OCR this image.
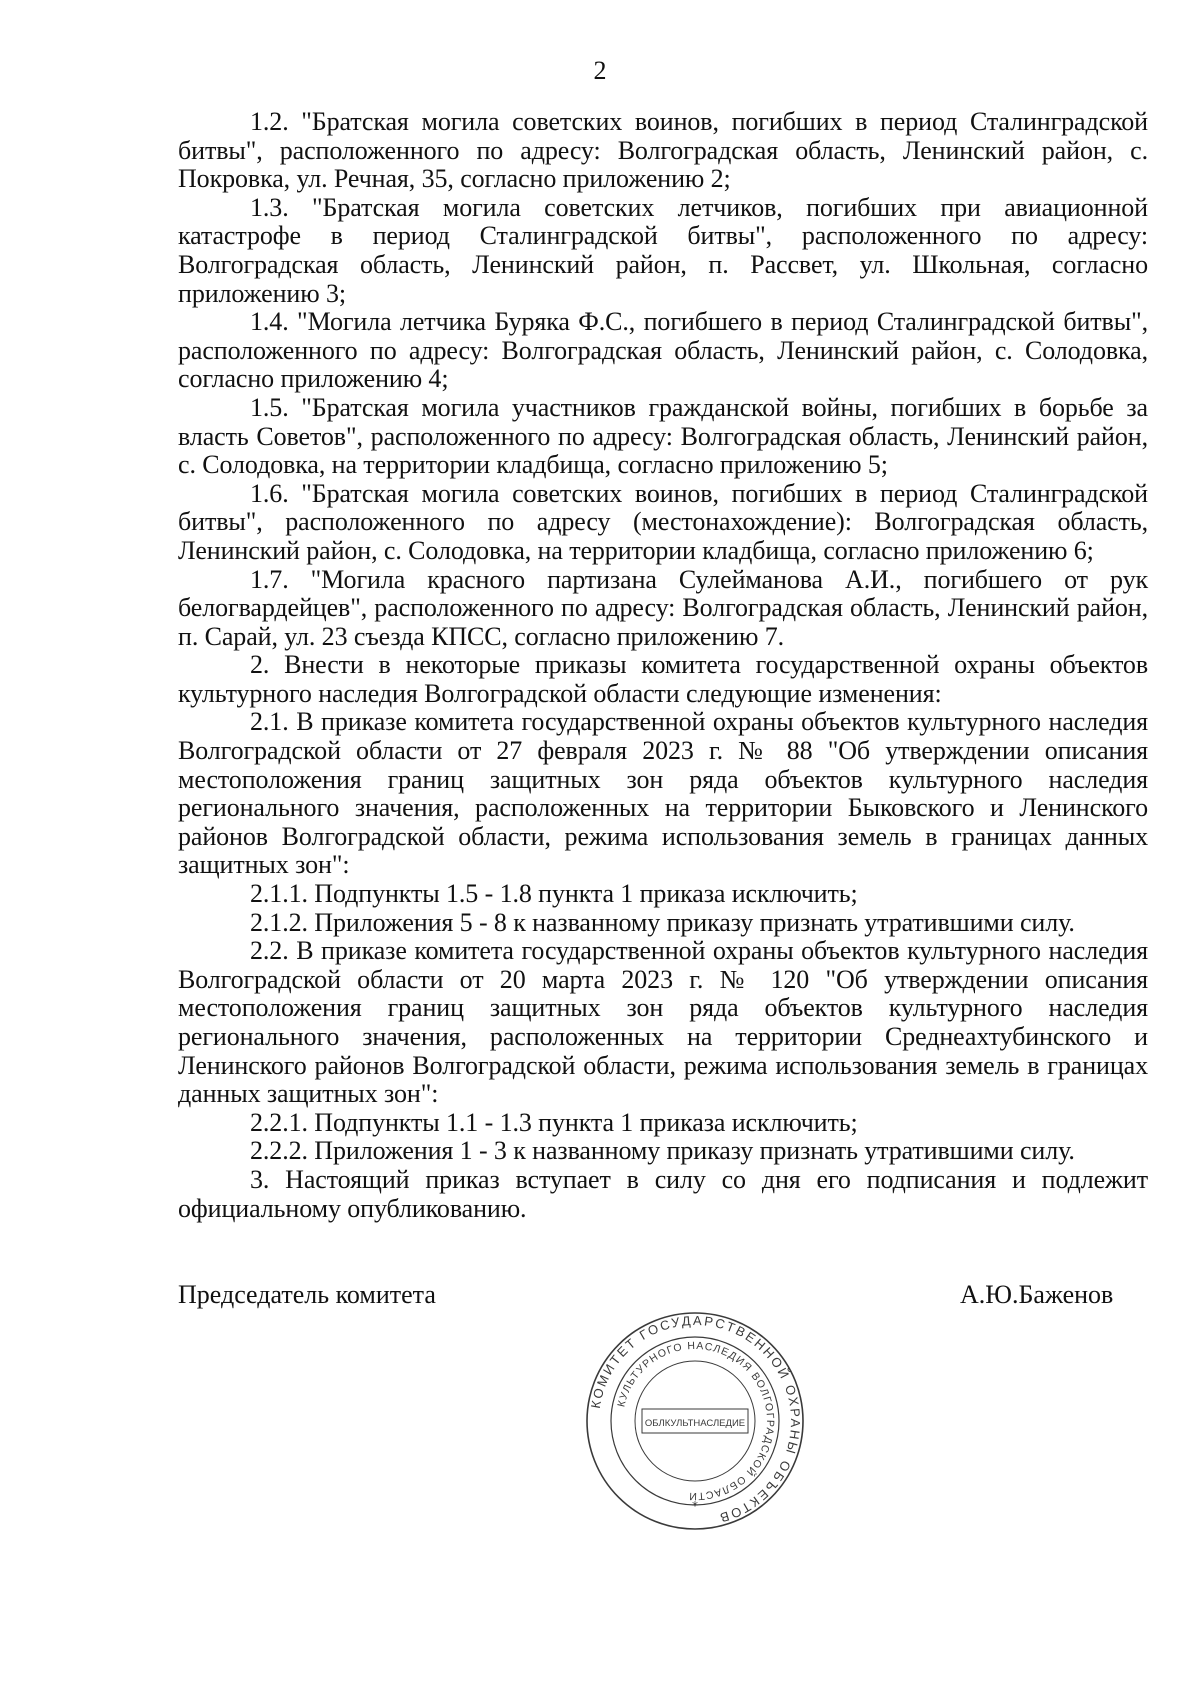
2

1.2. "Братская могила советских воинов, погибших в период Сталинградской битвы", расположенного по адресу: Волгоградская область, Ленинский район, с. Покровка, ул. Речная, 35, согласно приложению 2;

1.3. "Братская могила советских летчиков, погибших при авиационной катастрофе в период Сталинградской битвы", расположенного по адресу: Волгоградская область, Ленинский район, п. Рассвет, ул. Школьная, согласно приложению 3;

1.4. "Могила летчика Буряка Ф.С., погибшего в период Сталинградской битвы", расположенного по адресу: Волгоградская область, Ленинский район, с. Солодовка, согласно приложению 4;

1.5. "Братская могила участников гражданской войны, погибших в борьбе за власть Советов", расположенного по адресу: Волгоградская область, Ленинский район, с. Солодовка, на территории кладбища, согласно приложению 5;

1.6. "Братская могила советских воинов, погибших в период Сталинградской битвы", расположенного по адресу (местонахождение): Волгоградская область, Ленинский район, с. Солодовка, на территории кладбища, согласно приложению 6;

1.7. "Могила красного партизана Сулейманова А.И., погибшего от рук белогвардейцев", расположенного по адресу: Волгоградская область, Ленинский район, п. Сарай, ул. 23 съезда КПСС, согласно приложению 7.

2. Внести в некоторые приказы комитета государственной охраны объектов культурного наследия Волгоградской области следующие изменения:

2.1. В приказе комитета государственной охраны объектов культурного наследия Волгоградской области от 27 февраля 2023 г. № 88 "Об утверждении описания местоположения границ защитных зон ряда объектов культурного наследия регионального значения, расположенных на территории Быковского и Ленинского районов Волгоградской области, режима использования земель в границах данных защитных зон":

2.1.1. Подпункты 1.5 - 1.8 пункта 1 приказа исключить;

2.1.2. Приложения 5 - 8 к названному приказу признать утратившими силу.

2.2. В приказе комитета государственной охраны объектов культурного наследия Волгоградской области от 20 марта 2023 г. № 120 "Об утверждении описания местоположения границ защитных зон ряда объектов культурного наследия регионального значения, расположенных на территории Среднеахтубинского и Ленинского районов Волгоградской области, режима использования земель в границах данных защитных зон":

2.2.1. Подпункты 1.1 - 1.3 пункта 1 приказа исключить;

2.2.2. Приложения 1 - 3 к названному приказу признать утратившими силу.

3. Настоящий приказ вступает в силу со дня его подписания и подлежит официальному опубликованию.

Председатель комитета	А.Ю.Баженов
КОМИТЕТ ГОСУДАРСТВЕННОЙ ОХРАНЫ ОБЪЕКТОВ
КУЛЬТУРНОГО НАСЛЕДИЯ ВОЛГОГРАДСКОЙ ОБЛАСТИ
ОБЛКУЛЬТНАСЛЕДИЕ
*
